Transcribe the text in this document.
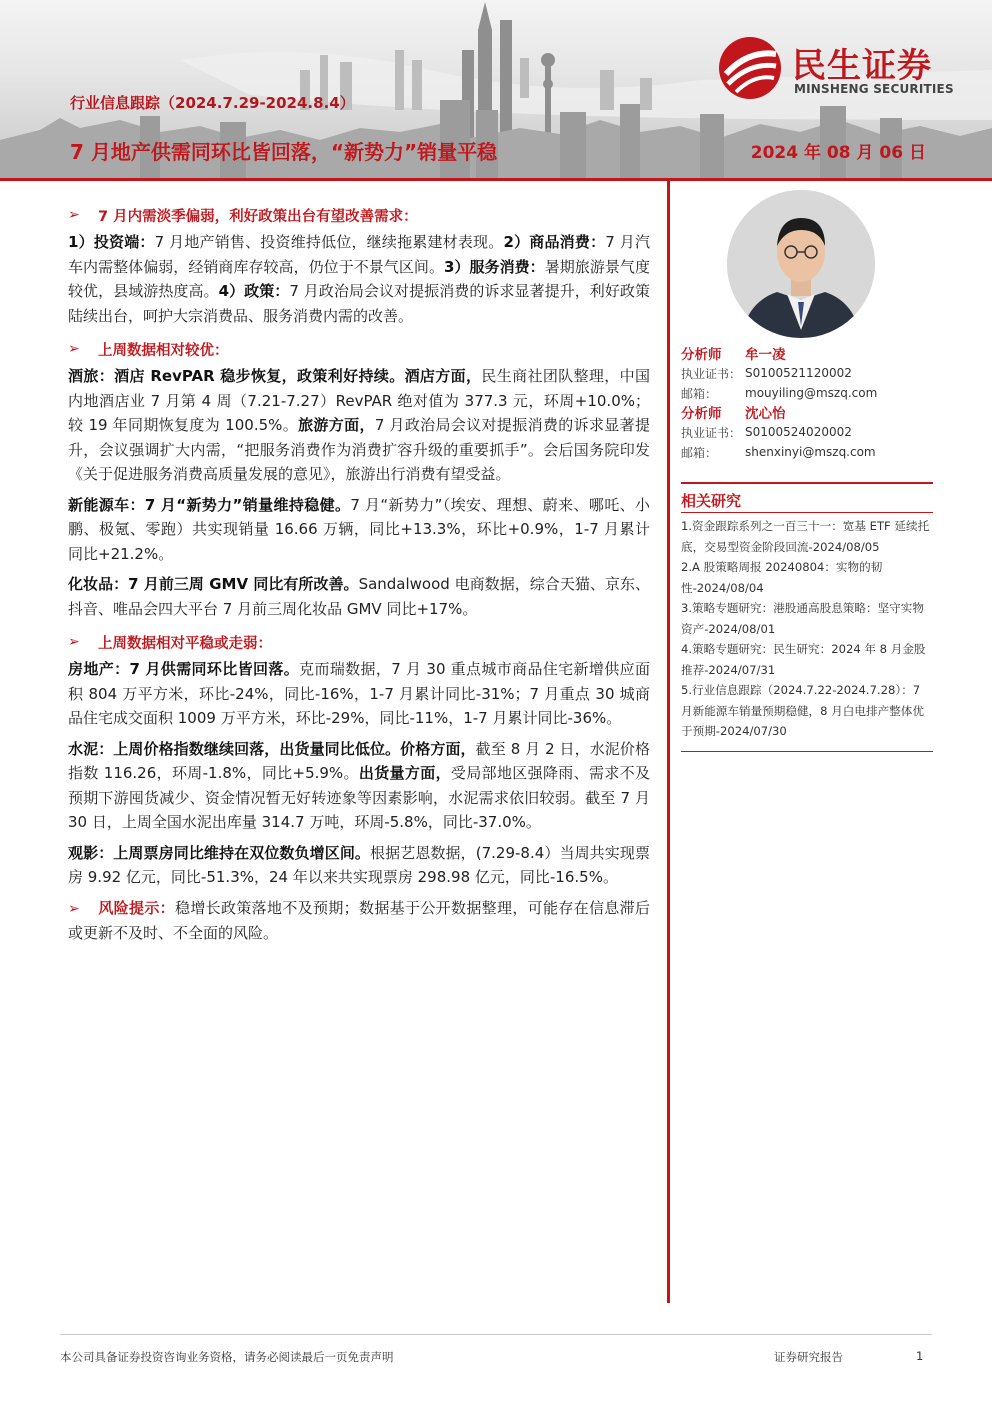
行业信息跟踪（2024.7.29-2024.8.4）
7 月地产供需同环比皆回落，“新势力”销量平稳	2024 年 08 月 06 日
民生证券
MINSHENG SECURITIES
➢	7 月内需淡季偏弱，利好政策出台有望改善需求：

1）投资端：7 月地产销售、投资维持低位，继续拖累建材表现。2）商品消费：7 月汽车内需整体偏弱，经销商库存较高，仍位于不景气区间。3）服务消费：暑期旅游景气度较优，县域游热度高。4）政策：7 月政治局会议对提振消费的诉求显著提升，利好政策陆续出台，呵护大宗消费品、服务消费内需的改善。

➢	上周数据相对较优：

酒旅：酒店 RevPAR 稳步恢复，政策利好持续。酒店方面，民生商社团队整理，中国内地酒店业 7 月第 4 周（7.21-7.27）RevPAR 绝对值为 377.3 元，环周+10.0%；较 19 年同期恢复度为 100.5%。旅游方面，7 月政治局会议对提振消费的诉求显著提升，会议强调扩大内需，“把服务消费作为消费扩容升级的重要抓手”。会后国务院印发《关于促进服务消费高质量发展的意见》，旅游出行消费有望受益。

新能源车：7 月“新势力”销量维持稳健。7 月“新势力”（埃安、理想、蔚来、哪吒、小鹏、极氪、零跑）共实现销量 16.66 万辆，同比+13.3%，环比+0.9%，1-7 月累计同比+21.2%。

化妆品：7 月前三周 GMV 同比有所改善。Sandalwood 电商数据，综合天猫、京东、抖音、唯品会四大平台 7 月前三周化妆品 GMV 同比+17%。

➢	上周数据相对平稳或走弱：

房地产：7 月供需同环比皆回落。克而瑞数据，7 月 30 重点城市商品住宅新增供应面积 804 万平方米，环比-24%，同比-16%，1-7 月累计同比-31%；7 月重点 30 城商品住宅成交面积 1009 万平方米，环比-29%，同比-11%，1-7 月累计同比-36%。

水泥：上周价格指数继续回落，出货量同比低位。价格方面，截至 8 月 2 日，水泥价格指数 116.26，环周-1.8%，同比+5.9%。出货量方面，受局部地区强降雨、需求不及预期下游囤货减少、资金情况暂无好转迹象等因素影响，水泥需求依旧较弱。截至 7 月 30 日，上周全国水泥出库量 314.7 万吨，环周-5.8%，同比-37.0%。

观影：上周票房同比维持在双位数负增区间。根据艺恩数据，(7.29-8.4）当周共实现票房 9.92 亿元，同比-51.3%，24 年以来共实现票房 298.98 亿元，同比-16.5%。

➢ 风险提示：稳增长政策落地不及预期；数据基于公开数据整理，可能存在信息滞后或更新不及时、不全面的风险。

分析师	牟一凌
执业证书： S0100521120002
邮箱：	mouyiling@mszq.com
分析师	沈心怡
执业证书： S0100524020002
邮箱：	shenxinyi@mszq.com
相关研究
1.资金跟踪系列之一百三十一：宽基 ETF 延续托底，交易型资金阶段回流-2024/08/05
2.A 股策略周报 20240804：实物的韧性-2024/08/04
3.策略专题研究：港股通高股息策略：坚守实物资产-2024/08/01
4.策略专题研究：民生研究：2024 年 8 月金股推荐-2024/07/31
5.行业信息跟踪（2024.7.22-2024.7.28）：7 月新能源车销量预期稳健，8 月白电排产整体优于预期-2024/07/30
本公司具备证券投资咨询业务资格，请务必阅读最后一页免责声明	证券研究报告	1
